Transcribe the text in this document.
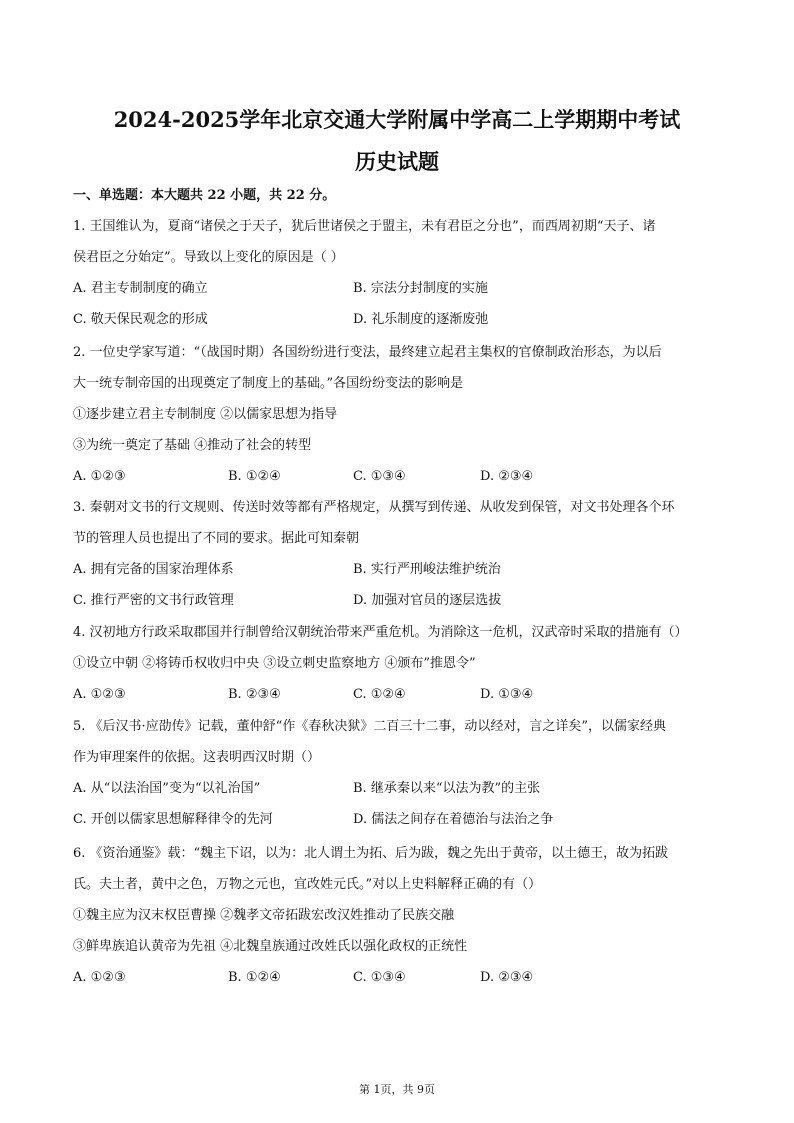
2024-2025学年北京交通大学附属中学高二上学期期中考试
历史试题
一、单选题：本大题共 22 小题，共 22 分。
1. 王国维认为，夏商“诸侯之于天子，犹后世诸侯之于盟主，未有君臣之分也”，而西周初期“天子、诸
侯君臣之分始定”。导致以上变化的原因是（ ）
A. 君主专制制度的确立	B. 宗法分封制度的实施
C. 敬天保民观念的形成	D. 礼乐制度的逐渐废弛
2. 一位史学家写道：“（战国时期）各国纷纷进行变法，最终建立起君主集权的官僚制政治形态，为以后
大一统专制帝国的出现奠定了制度上的基础。”各国纷纷变法的影响是
①逐步建立君主专制制度 ②以儒家思想为指导
③为统一奠定了基础 ④推动了社会的转型
A. ①②③	B. ①②④	C. ①③④	D. ②③④
3. 秦朝对文书的行文规则、传送时效等都有严格规定，从撰写到传递、从收发到保管，对文书处理各个环
节的管理人员也提出了不同的要求。据此可知秦朝
A. 拥有完备的国家治理体系	B. 实行严刑峻法维护统治
C. 推行严密的文书行政管理	D. 加强对官员的逐层选拔
4. 汉初地方行政采取郡国并行制曾给汉朝统治带来严重危机。为消除这一危机，汉武帝时采取的措施有（）
①设立中朝 ②将铸币权收归中央 ③设立刺史监察地方 ④颁布”推恩令”
A. ①②③	B. ②③④	C. ①②④	D. ①③④
5. 《后汉书·应劭传》记载，董仲舒“作《春秋决狱》二百三十二事，动以经对，言之详矣”，以儒家经典
作为审理案件的依据。这表明西汉时期（）
A. 从“以法治国”变为“以礼治国”	B. 继承秦以来“以法为教”的主张
C. 开创以儒家思想解释律令的先河	D. 儒法之间存在着德治与法治之争
6. 《资治通鉴》载：“魏主下诏，以为：北人谓土为拓、后为跋，魏之先出于黄帝，以土德王，故为拓跋
氏。夫土者，黄中之色，万物之元也，宜改姓元氏。”对以上史料解释正确的有（）
①魏主应为汉末权臣曹操 ②魏孝文帝拓跋宏改汉姓推动了民族交融
③鲜卑族追认黄帝为先祖 ④北魏皇族通过改姓氏以强化政权的正统性
A. ①②③	B. ①②④	C. ①③④	D. ②③④
第 1页，共 9页
